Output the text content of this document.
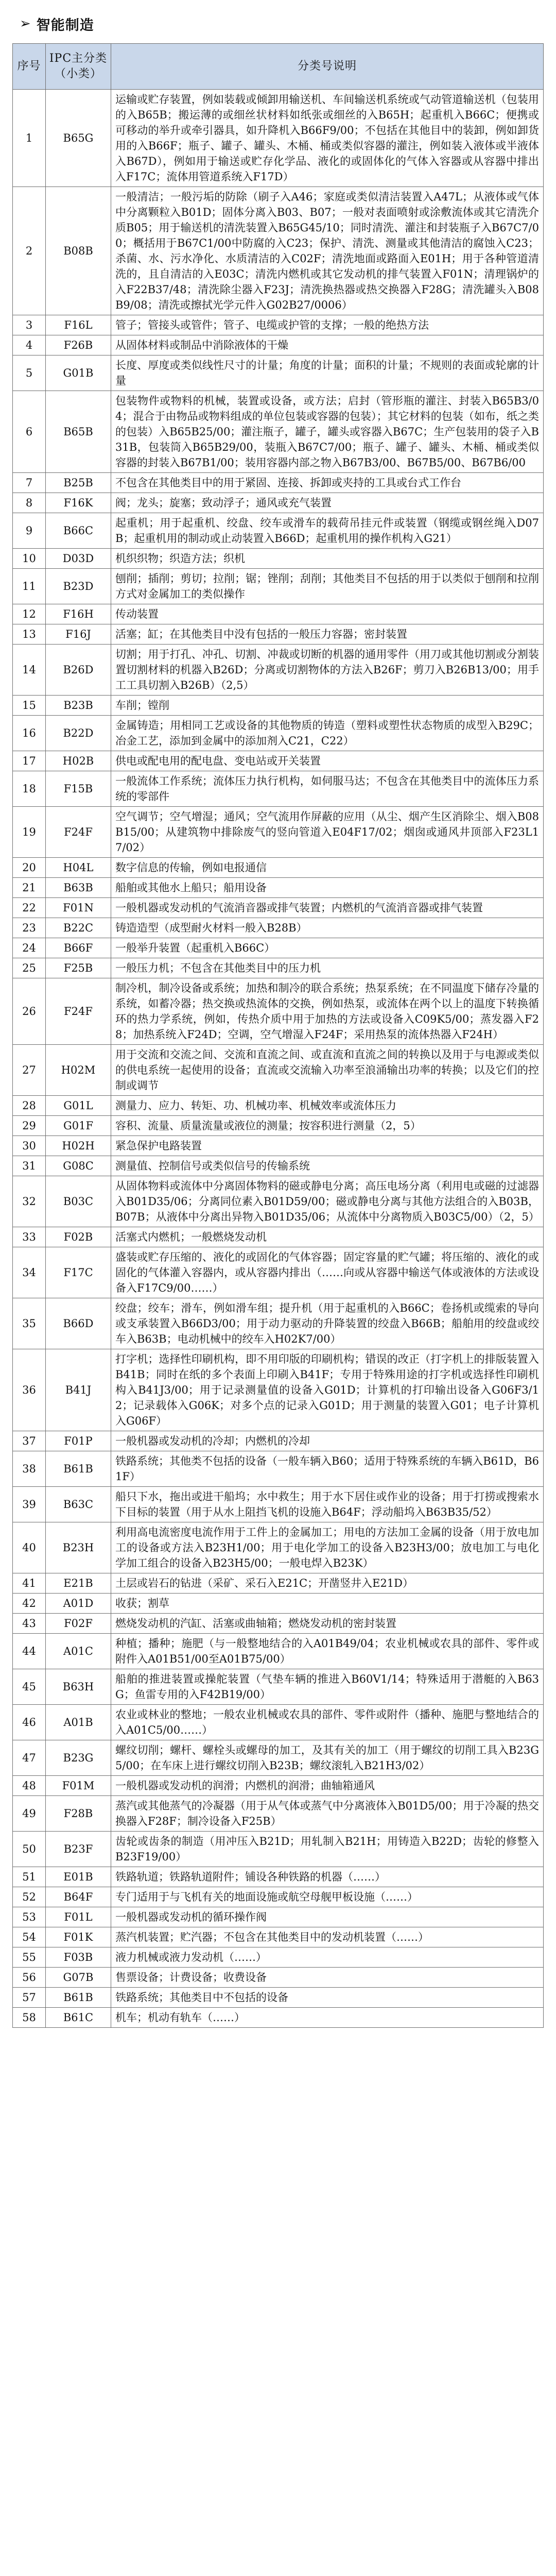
➢ 智能制造
序号	IPC主分类（小类）	分类号说明
1	B65G	运输或贮存装置，例如装载或倾卸用输送机、车间输送机系统或气动管道输送机（包装用的入B65B；搬运薄的或细丝状材料如纸张或细丝的入B65H；起重机入B66C；便携或可移动的举升或牵引器具，如升降机入B66F9/00；不包括在其他目中的装卸，例如卸货用的入B66F；瓶子、罐子、罐头、木桶、桶或类似容器的灌注，例如装入液体或半液体入B67D），例如用于输送或贮存化学品、液化的或固体化的气体入容器或从容器中排出入F17C；流体用管道系统入F17D）
2	B08B	一般清洁；一般污垢的防除（刷子入A46；家庭或类似清洁装置入A47L；从液体或气体中分离颗粒入B01D；固体分离入B03、B07；一般对表面喷射或涂敷流体或其它清洗介质B05；用于输送机的清洗装置入B65G45/10；同时清洗、灌注和封装瓶子入B67C7/00；概括用于B67C1/00中防腐的入C23；保护、清洗、测量或其他清洁的腐蚀入C23；杀菌、水、污水净化、水质清洁的入C02F；清洗地面或路面入E01H；用于各种管道清洗的，且自清洁的入E03C；清洗内燃机或其它发动机的排气装置入F01N；清理锅炉的入F22B37/48；清洗除尘器入F23J；清洗换热器或热交换器入F28G；清洗罐头入B08B9/08；清洗或擦拭光学元件入G02B27/0006）
3	F16L	管子；管接头或管件；管子、电缆或护管的支撑；一般的绝热方法
4	F26B	从固体材料或制品中消除液体的干燥
5	G01B	长度、厚度或类似线性尺寸的计量；角度的计量；面积的计量；不规则的表面或轮廓的计量
6	B65B	包装物件或物料的机械，装置或设备，或方法；启封（管形瓶的灌注、封装入B65B3/04；混合于由物品或物料组成的单位包装或容器的包装）；其它材料的包装（如布，纸之类的包装）入B65B25/00；灌注瓶子，罐子，罐头或容器入B67C；生产包装用的袋子入B31B，包装筒入B65B29/00，装瓶入B67C7/00；瓶子、罐子、罐头、木桶、桶或类似容器的封装入B67B1/00；装用容器内部之物入B67B3/00、B67B5/00、B67B6/00
7	B25B	不包含在其他类目中的用于紧固、连接、拆卸或夹持的工具或台式工作台
8	F16K	阀；龙头；旋塞；致动浮子；通风或充气装置
9	B66C	起重机；用于起重机、绞盘、绞车或滑车的载荷吊挂元件或装置（钢缆或钢丝绳入D07B；起重机用的制动或止动装置入B66D；起重机用的操作机构入G21）
10	D03D	机织织物；织造方法；织机
11	B23D	刨削；插削；剪切；拉削；锯；锉削；刮削；其他类目不包括的用于以类似于刨削和拉削方式对金属加工的类似操作
12	F16H	传动装置
13	F16J	活塞；缸；在其他类目中没有包括的一般压力容器；密封装置
14	B26D	切割；用于打孔、冲孔、切割、冲裁或切断的机器的通用零件（用刀或其他切割或分割装置切割材料的机器入B26D；分离或切割物体的方法入B26F；剪刀入B26B13/00；用手工工具切割入B26B）（2,5）
15	B23B	车削；镗削
16	B22D	金属铸造；用相同工艺或设备的其他物质的铸造（塑料或塑性状态物质的成型入B29C；冶金工艺，添加到金属中的添加剂入C21，C22）
17	H02B	供电或配电用的配电盘、变电站或开关装置
18	F15B	一般流体工作系统；流体压力执行机构，如伺服马达；不包含在其他类目中的流体压力系统的零部件
19	F24F	空气调节；空气增湿；通风；空气流用作屏蔽的应用（从尘、烟产生区消除尘、烟入B08B15/00；从建筑物中排除废气的竖向管道入E04F17/02；烟囱或通风井顶部入F23L17/02）
20	H04L	数字信息的传输，例如电报通信
21	B63B	船舶或其他水上船只；船用设备
22	F01N	一般机器或发动机的气流消音器或排气装置；内燃机的气流消音器或排气装置
23	B22C	铸造造型（成型耐火材料一般入B28B）
24	B66F	一般举升装置（起重机入B66C）
25	F25B	一般压力机；不包含在其他类目中的压力机
26	F24F	制冷机，制冷设备或系统；加热和制冷的联合系统；热泵系统；在不同温度下储存冷量的系统，如蓄冷器；热交换或热流体的交换，例如热泵，或流体在两个以上的温度下转换循环的热力学系统，例如，传热介质中用于加热的方法或设备入C09K5/00；蒸发器入F28；加热系统入F24D；空调，空气增湿入F24F；采用热泵的流体热器入F24H）
27	H02M	用于交流和交流之间、交流和直流之间、或直流和直流之间的转换以及用于与电源或类似的供电系统一起使用的设备；直流或交流输入功率至浪涌输出功率的转换；以及它们的控制或调节
28	G01L	测量力、应力、转矩、功、机械功率、机械效率或流体压力
29	G01F	容积、流量、质量流量或液位的测量；按容积进行测量（2，5）
30	H02H	紧急保护电路装置
31	G08C	测量值、控制信号或类似信号的传输系统
32	B03C	从固体物料或流体中分离固体物料的磁或静电分离；高压电场分离（利用电或磁的过滤器入B01D35/06；分离同位素入B01D59/00；磁或静电分离与其他方法组合的入B03B，B07B；从液体中分离出异物入B01D35/06；从流体中分离物质入B03C5/00）（2，5）
33	F02B	活塞式内燃机；一般燃烧发动机
34	F17C	盛装或贮存压缩的、液化的或固化的气体容器；固定容量的贮气罐；将压缩的、液化的或固化的气体灌入容器内，或从容器内排出（……向或从容器中输送气体或液体的方法或设备入F17C9/00……）
35	B66D	绞盘；绞车；滑车，例如滑车组；提升机（用于起重机的入B66C；卷扬机或缆索的导向或支承装置入B66D3/00；用于动力驱动的升降装置的绞盘入B66B；船舶用的绞盘或绞车入B63B；电动机械中的绞车入H02K7/00）
36	B41J	打字机；选择性印刷机构，即不用印版的印刷机构；错误的改正（打字机上的排版装置入B41B；同时在纸的多个表面上印刷入B41F；专用于特殊用途的打字机或选择性印刷机构入B41J3/00；用于记录测量值的设备入G01D；计算机的打印输出设备入G06F3/12；记录载体入G06K；对多个点的记录入G01D；用于测量的装置入G01；电子计算机入G06F）
37	F01P	一般机器或发动机的冷却；内燃机的冷却
38	B61B	铁路系统；其他类不包括的设备（一般车辆入B60；适用于特殊系统的车辆入B61D，B61F）
39	B63C	船只下水，拖出或进干船坞；水中救生；用于水下居住或作业的设备；用于打捞或搜索水下目标的装置（用于从水上阻挡飞机的设施入B64F；浮动船坞入B63B35/52）
40	B23H	利用高电流密度电流作用于工件上的金属加工；用电的方法加工金属的设备（用于放电加工的设备或方法入B23H1/00；用于电化学加工的设备入B23H3/00；放电加工与电化学加工组合的设备入B23H5/00；一般电焊入B23K）
41	E21B	土层或岩石的钻进（采矿、采石入E21C；开凿竖井入E21D）
42	A01D	收获；割草
43	F02F	燃烧发动机的汽缸、活塞或曲轴箱；燃烧发动机的密封装置
44	A01C	种植；播种；施肥（与一般整地结合的入A01B49/04；农业机械或农具的部件、零件或附件入A01B51/00至A01B75/00）
45	B63H	船舶的推进装置或操舵装置（气垫车辆的推进入B60V1/14；特殊适用于潜艇的入B63G；鱼雷专用的入F42B19/00）
46	A01B	农业或林业的整地；一般农业机械或农具的部件、零件或附件（播种、施肥与整地结合的入A01C5/00……）
47	B23G	螺纹切削；螺杆、螺栓头或螺母的加工，及其有关的加工（用于螺纹的切削工具入B23G5/00；在车床上进行螺纹切削入B23B；螺纹滚轧入B21H3/02）
48	F01M	一般机器或发动机的润滑；内燃机的润滑；曲轴箱通风
49	F28B	蒸汽或其他蒸气的冷凝器（用于从气体或蒸气中分离液体入B01D5/00；用于冷凝的热交换器入F28F；制冷设备入F25B）
50	B23F	齿轮或齿条的制造（用冲压入B21D；用轧制入B21H；用铸造入B22D；齿轮的修整入B23F19/00）
51	E01B	铁路轨道；铁路轨道附件；铺设各种铁路的机器（……）
52	B64F	专门适用于与飞机有关的地面设施或航空母舰甲板设施（……）
53	F01L	一般机器或发动机的循环操作阀
54	F01K	蒸汽机装置；贮汽器；不包含在其他类目中的发动机装置（……）
55	F03B	液力机械或液力发动机（……）
56	G07B	售票设备；计费设备；收费设备
57	B61B	铁路系统；其他类目中不包括的设备
58	B61C	机车；机动有轨车（……）
